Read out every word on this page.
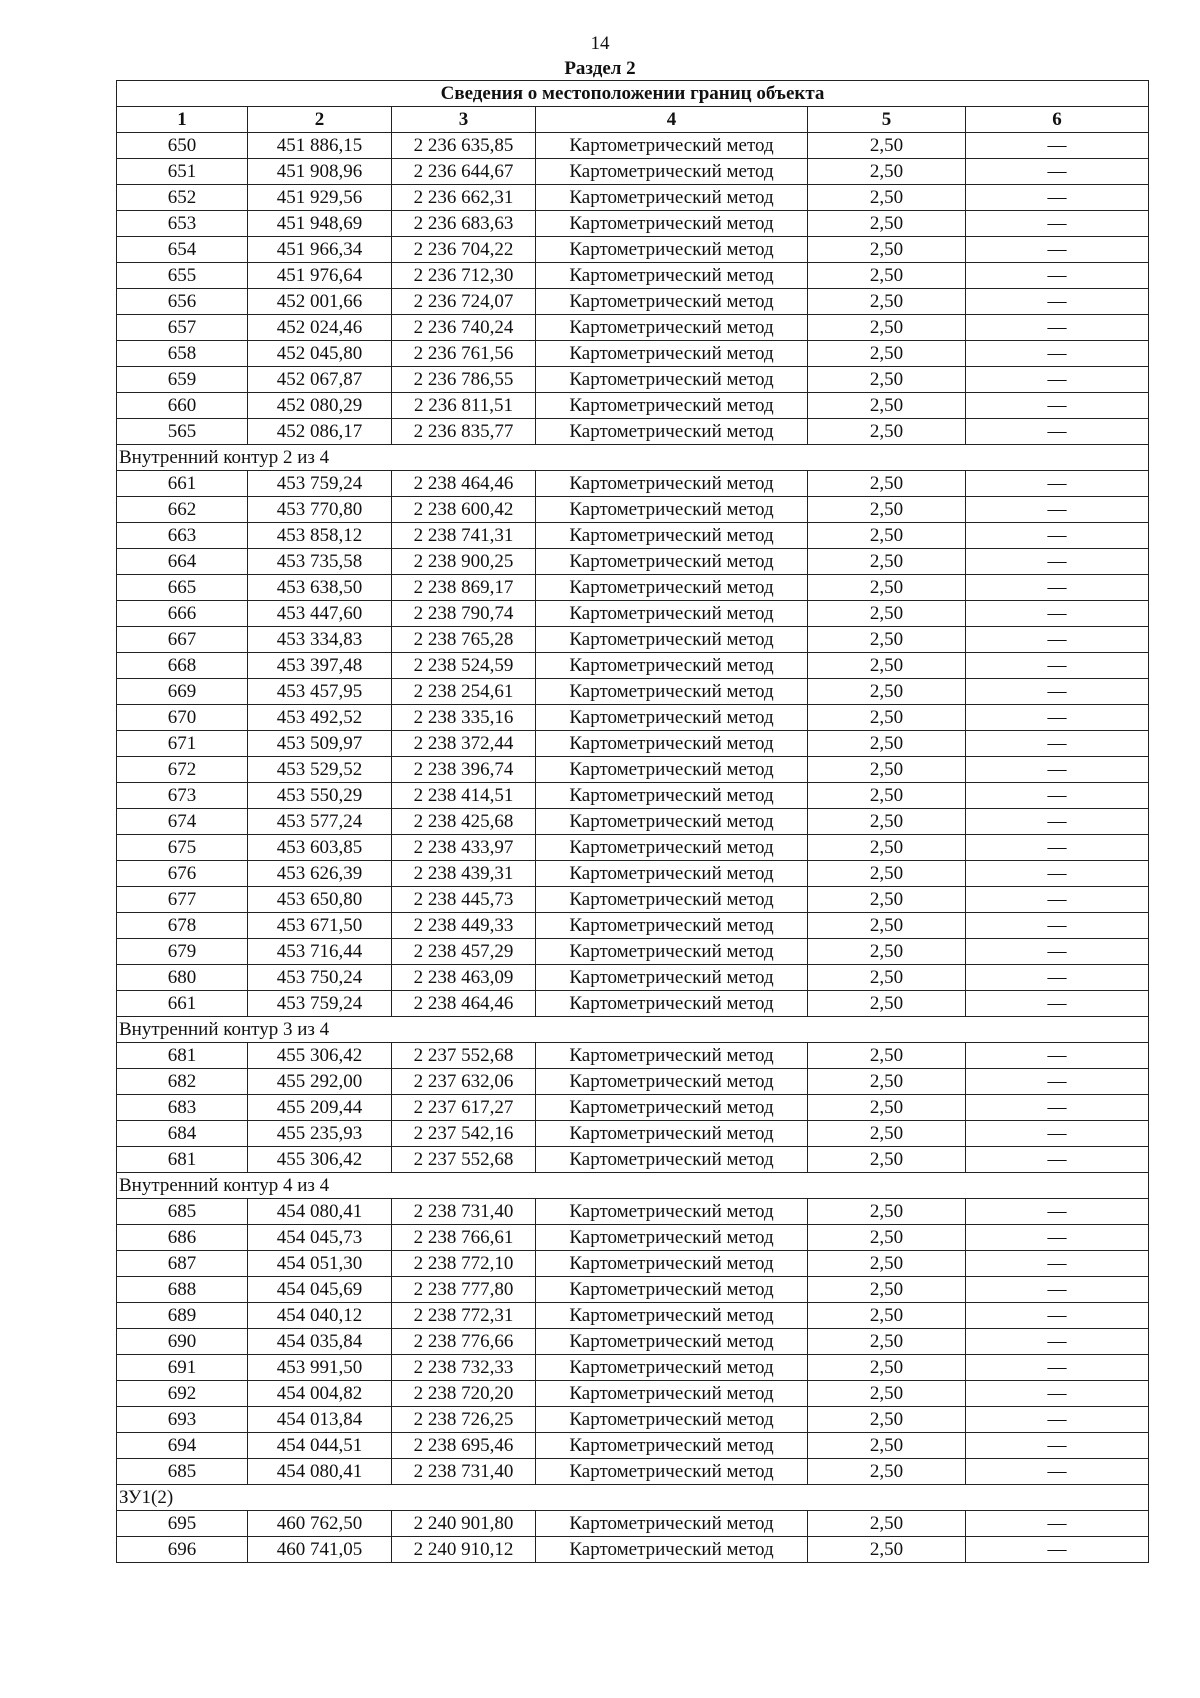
14
Раздел 2
Сведения о местоположении границ объекта					
1	2	3	4	5	6
650	451 886,15	2 236 635,85	Картометрический метод	2,50	—
651	451 908,96	2 236 644,67	Картометрический метод	2,50	—
652	451 929,56	2 236 662,31	Картометрический метод	2,50	—
653	451 948,69	2 236 683,63	Картометрический метод	2,50	—
654	451 966,34	2 236 704,22	Картометрический метод	2,50	—
655	451 976,64	2 236 712,30	Картометрический метод	2,50	—
656	452 001,66	2 236 724,07	Картометрический метод	2,50	—
657	452 024,46	2 236 740,24	Картометрический метод	2,50	—
658	452 045,80	2 236 761,56	Картометрический метод	2,50	—
659	452 067,87	2 236 786,55	Картометрический метод	2,50	—
660	452 080,29	2 236 811,51	Картометрический метод	2,50	—
565	452 086,17	2 236 835,77	Картометрический метод	2,50	—
Внутренний контур 2 из 4					
661	453 759,24	2 238 464,46	Картометрический метод	2,50	—
662	453 770,80	2 238 600,42	Картометрический метод	2,50	—
663	453 858,12	2 238 741,31	Картометрический метод	2,50	—
664	453 735,58	2 238 900,25	Картометрический метод	2,50	—
665	453 638,50	2 238 869,17	Картометрический метод	2,50	—
666	453 447,60	2 238 790,74	Картометрический метод	2,50	—
667	453 334,83	2 238 765,28	Картометрический метод	2,50	—
668	453 397,48	2 238 524,59	Картометрический метод	2,50	—
669	453 457,95	2 238 254,61	Картометрический метод	2,50	—
670	453 492,52	2 238 335,16	Картометрический метод	2,50	—
671	453 509,97	2 238 372,44	Картометрический метод	2,50	—
672	453 529,52	2 238 396,74	Картометрический метод	2,50	—
673	453 550,29	2 238 414,51	Картометрический метод	2,50	—
674	453 577,24	2 238 425,68	Картометрический метод	2,50	—
675	453 603,85	2 238 433,97	Картометрический метод	2,50	—
676	453 626,39	2 238 439,31	Картометрический метод	2,50	—
677	453 650,80	2 238 445,73	Картометрический метод	2,50	—
678	453 671,50	2 238 449,33	Картометрический метод	2,50	—
679	453 716,44	2 238 457,29	Картометрический метод	2,50	—
680	453 750,24	2 238 463,09	Картометрический метод	2,50	—
661	453 759,24	2 238 464,46	Картометрический метод	2,50	—
Внутренний контур 3 из 4					
681	455 306,42	2 237 552,68	Картометрический метод	2,50	—
682	455 292,00	2 237 632,06	Картометрический метод	2,50	—
683	455 209,44	2 237 617,27	Картометрический метод	2,50	—
684	455 235,93	2 237 542,16	Картометрический метод	2,50	—
681	455 306,42	2 237 552,68	Картометрический метод	2,50	—
Внутренний контур 4 из 4					
685	454 080,41	2 238 731,40	Картометрический метод	2,50	—
686	454 045,73	2 238 766,61	Картометрический метод	2,50	—
687	454 051,30	2 238 772,10	Картометрический метод	2,50	—
688	454 045,69	2 238 777,80	Картометрический метод	2,50	—
689	454 040,12	2 238 772,31	Картометрический метод	2,50	—
690	454 035,84	2 238 776,66	Картометрический метод	2,50	—
691	453 991,50	2 238 732,33	Картометрический метод	2,50	—
692	454 004,82	2 238 720,20	Картометрический метод	2,50	—
693	454 013,84	2 238 726,25	Картометрический метод	2,50	—
694	454 044,51	2 238 695,46	Картометрический метод	2,50	—
685	454 080,41	2 238 731,40	Картометрический метод	2,50	—
ЗУ1(2)					
695	460 762,50	2 240 901,80	Картометрический метод	2,50	—
696	460 741,05	2 240 910,12	Картометрический метод	2,50	—
